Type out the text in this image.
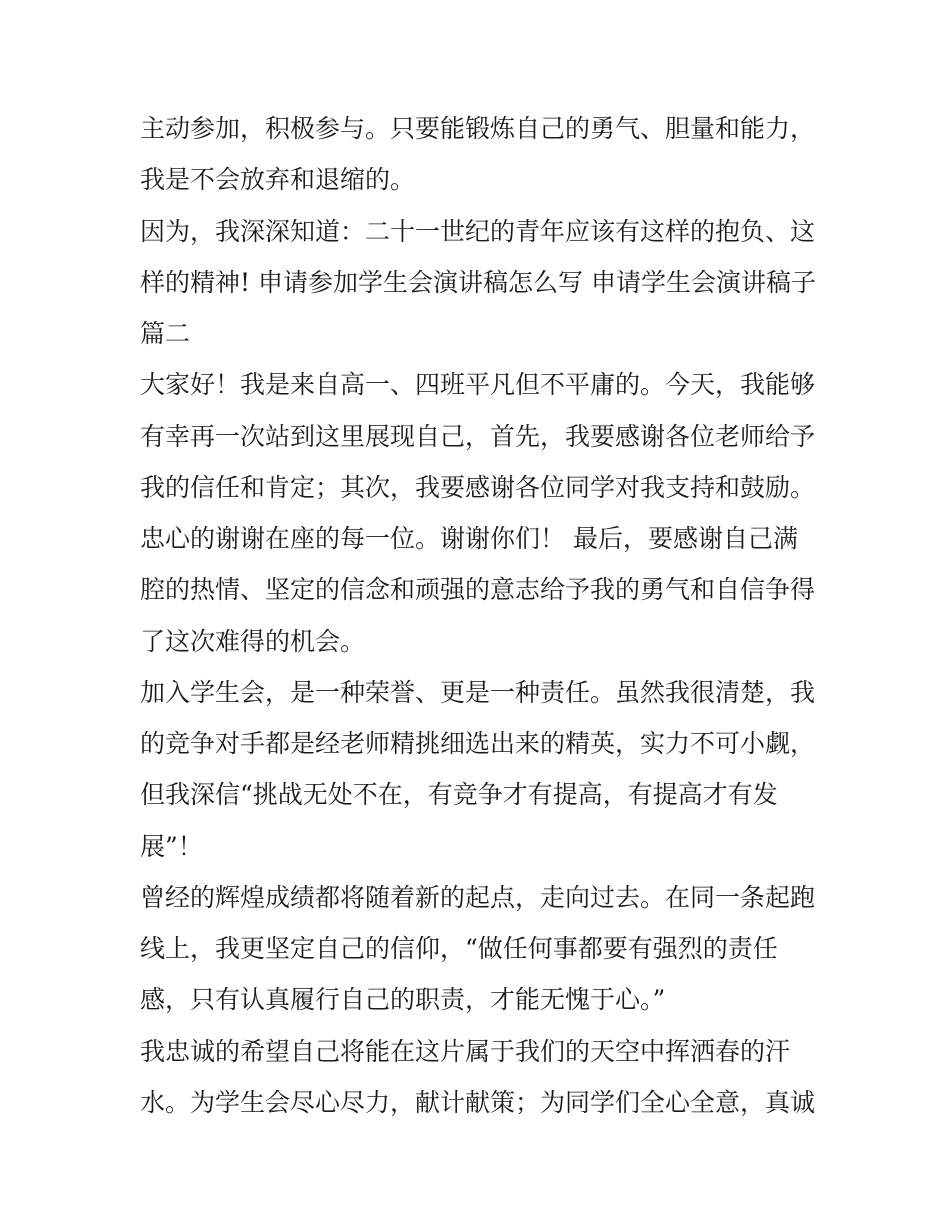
主动参加，积极参与。只要能锻炼自己的勇气、胆量和能力，
我是不会放弃和退缩的。
因为，我深深知道：二十一世纪的青年应该有这样的抱负、这
样的精神! 申请参加学生会演讲稿怎么写 申请学生会演讲稿子
篇二
大家好！我是来自高一、四班平凡但不平庸的。今天，我能够
有幸再一次站到这里展现自己，首先，我要感谢各位老师给予
我的信任和肯定；其次，我要感谢各位同学对我支持和鼓励。
忠心的谢谢在座的每一位。谢谢你们！ 最后，要感谢自己满
腔的热情、坚定的信念和顽强的意志给予我的勇气和自信争得
了这次难得的机会。
加入学生会，是一种荣誉、更是一种责任。虽然我很清楚，我
的竞争对手都是经老师精挑细选出来的精英，实力不可小觑，
但我深信“挑战无处不在，有竞争才有提高，有提高才有发
展”！
曾经的辉煌成绩都将随着新的起点，走向过去。在同一条起跑
线上，我更坚定自己的信仰，“做任何事都要有强烈的责任
感，只有认真履行自己的职责，才能无愧于心。”
我忠诚的希望自己将能在这片属于我们的天空中挥洒春的汗
水。为学生会尽心尽力，献计献策；为同学们全心全意，真诚
